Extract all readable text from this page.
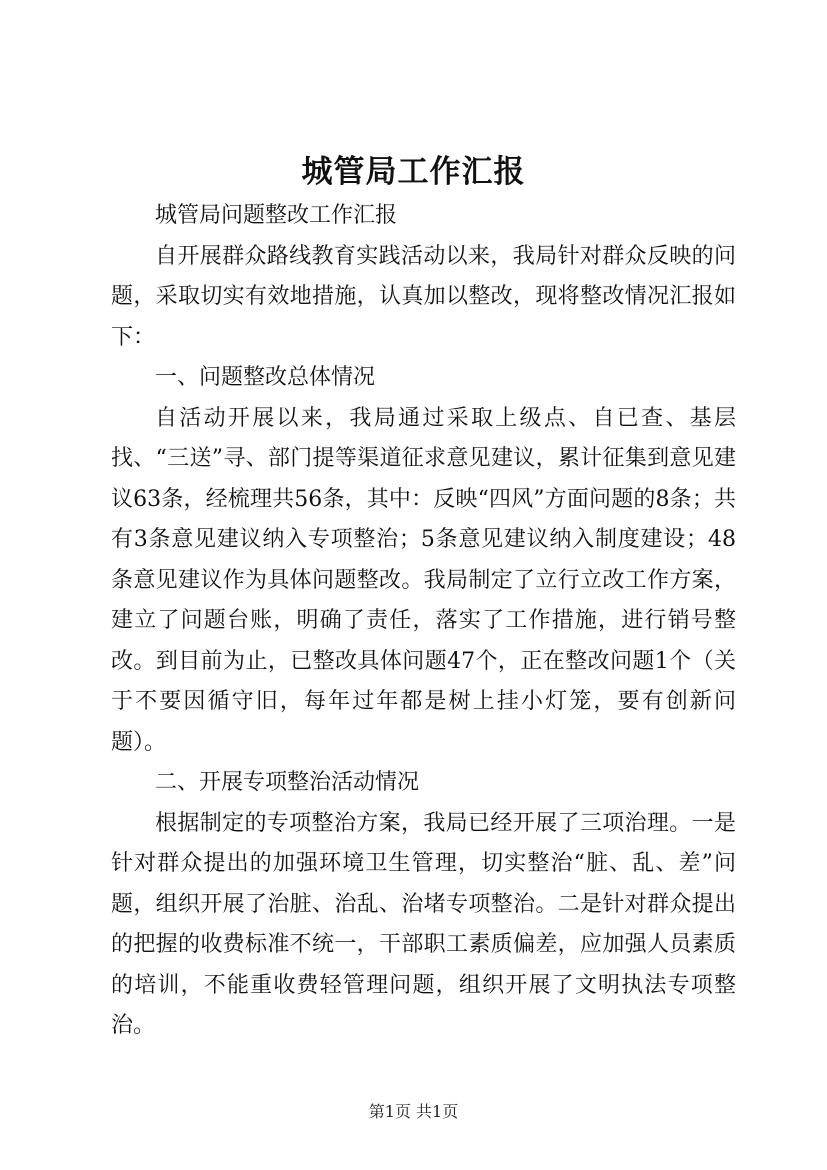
城管局工作汇报

城管局问题整改工作汇报

自开展群众路线教育实践活动以来，我局针对群众反映的问题，采取切实有效地措施，认真加以整改，现将整改情况汇报如下：

一、问题整改总体情况

自活动开展以来，我局通过采取上级点、自已查、基层找、“三送”寻、部门提等渠道征求意见建议，累计征集到意见建议63条，经梳理共56条，其中：反映“四风”方面问题的8条；共有3条意见建议纳入专项整治；5条意见建议纳入制度建设；48条意见建议作为具体问题整改。我局制定了立行立改工作方案，建立了问题台账，明确了责任，落实了工作措施，进行销号整改。到目前为止，已整改具体问题47个，正在整改问题1个（关于不要因循守旧，每年过年都是树上挂小灯笼，要有创新问题）。

二、开展专项整治活动情况

根据制定的专项整治方案，我局已经开展了三项治理。一是针对群众提出的加强环境卫生管理，切实整治“脏、乱、差”问题，组织开展了治脏、治乱、治堵专项整治。二是针对群众提出的把握的收费标准不统一，干部职工素质偏差，应加强人员素质的培训，不能重收费轻管理问题，组织开展了文明执法专项整治。

第1页 共1页
